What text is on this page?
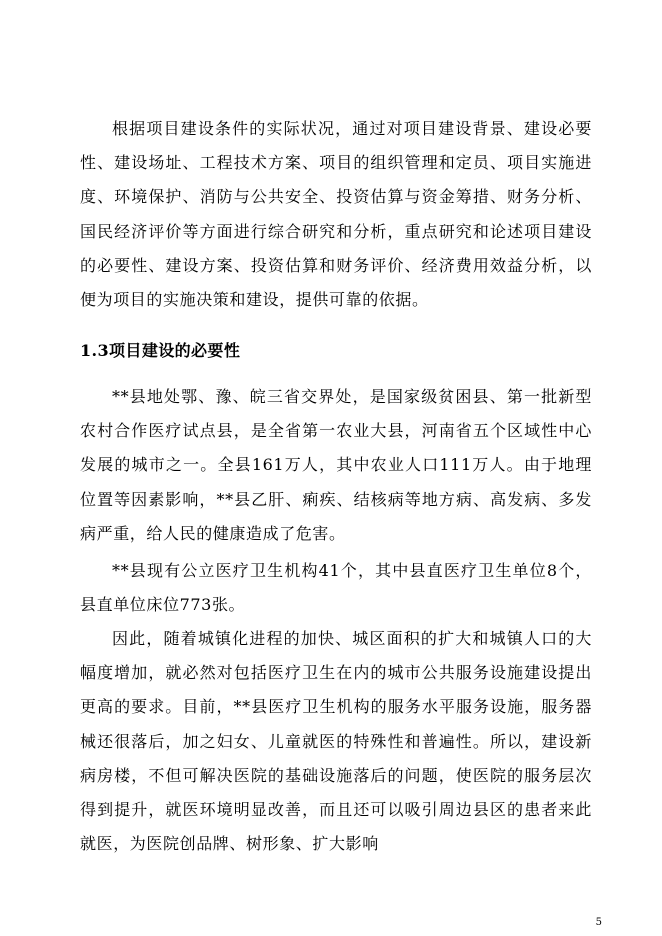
根据项目建设条件的实际状况，通过对项目建设背景、建设必要性、建设场址、工程技术方案、项目的组织管理和定员、项目实施进度、环境保护、消防与公共安全、投资估算与资金筹措、财务分析、国民经济评价等方面进行综合研究和分析，重点研究和论述项目建设的必要性、建设方案、投资估算和财务评价、经济费用效益分析，以便为项目的实施决策和建设，提供可靠的依据。

1.3项目建设的必要性

**县地处鄂、豫、皖三省交界处，是国家级贫困县、第一批新型农村合作医疗试点县，是全省第一农业大县，河南省五个区域性中心发展的城市之一。全县161万人，其中农业人口111万人。由于地理位置等因素影响，**县乙肝、痢疾、结核病等地方病、高发病、多发病严重，给人民的健康造成了危害。

**县现有公立医疗卫生机构41个，其中县直医疗卫生单位8个，县直单位床位773张。

因此，随着城镇化进程的加快、城区面积的扩大和城镇人口的大幅度增加，就必然对包括医疗卫生在内的城市公共服务设施建设提出更高的要求。目前，**县医疗卫生机构的服务水平服务设施，服务器械还很落后，加之妇女、儿童就医的特殊性和普遍性。所以，建设新病房楼，不但可解决医院的基础设施落后的问题，使医院的服务层次得到提升，就医环境明显改善，而且还可以吸引周边县区的患者来此就医，为医院创品牌、树形象、扩大影响

5
